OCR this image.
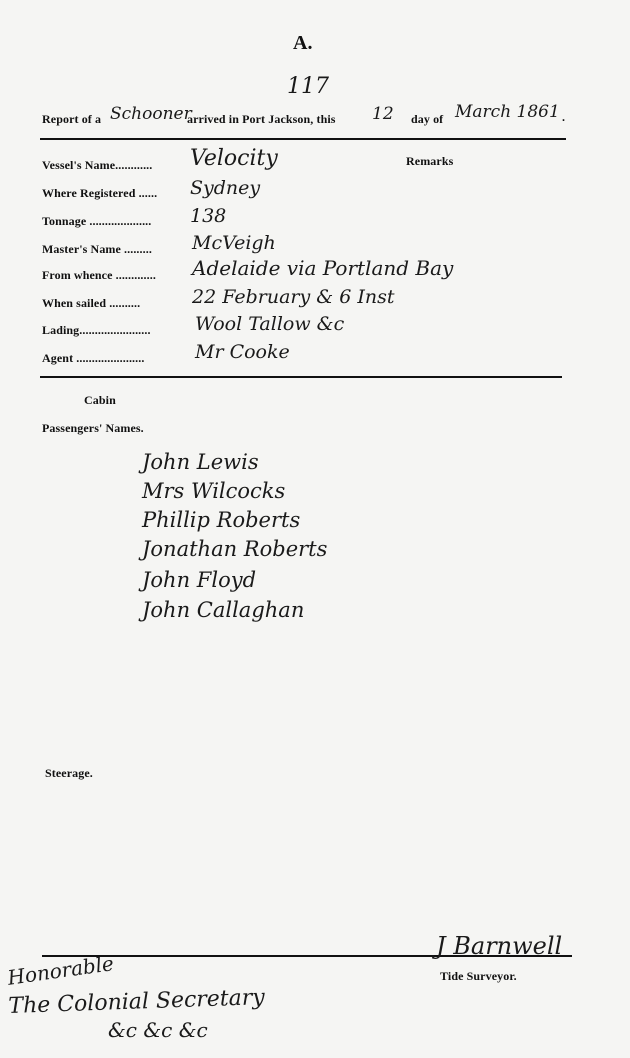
A.
117
Report of a Schooner
arrived in Port Jackson, this 12 day of March 1861 .
Vessel's Name............ Velocity	Remarks
Where Registered ...... Sydney
Tonnage .................... 138
Master's Name ......... McVeigh
From whence ............. Adelaide via Portland Bay
When sailed ..........	22 February & 6 Inst
Lading....................... Wool Tallow &c
Agent ......................	Mr Cooke
Cabin
Passengers' Names.
John Lewis
Mrs Wilcocks
Phillip Roberts
Jonathan Roberts
John Floyd
John Callaghan
Steerage.
J Barnwell
Tide Surveyor.
Honorable
The Colonial Secretary
&c &c &c
